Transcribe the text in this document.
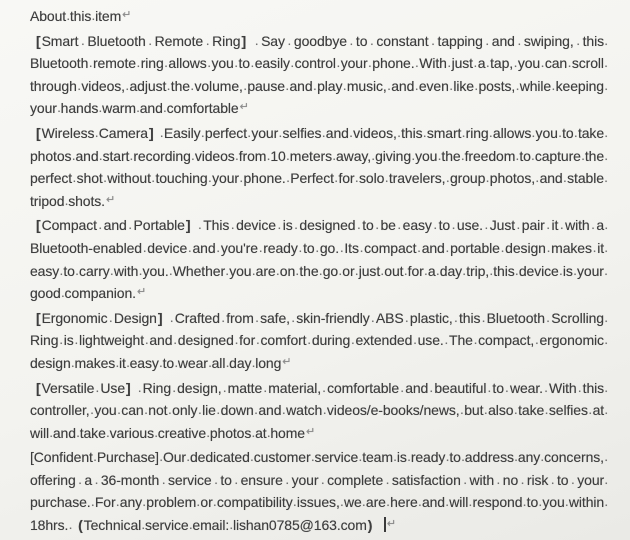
About · this · item↵

[Smart · Bluetooth · Remote · Ring] · Say · goodbye · to · constant · tapping · and · swiping, · this ·
Bluetooth · remote · ring · allows · you · to · easily · control · your · phone. · With · just · a · tap, · you · can · scroll ·
through · videos, · adjust · the · volume, · pause · and · play · music, · and · even · like · posts, · while · keeping ·
your · hands · warm · and · comfortable↵

[Wireless · Camera] · Easily · perfect · your · selfies · and · videos, · this · smart · ring · allows · you · to · take ·
photos · and · start · recording · videos · from · 10 · meters · away, · giving · you · the · freedom · to · capture · the ·
perfect · shot · without · touching · your · phone. · Perfect · for · solo · travelers, · group · photos, · and · stable ·
tripod · shots.↵

[Compact · and · Portable] · This · device · is · designed · to · be · easy · to · use. · Just · pair · it · with · a ·
Bluetooth-enabled · device · and · you're · ready · to · go. · Its · compact · and · portable · design · makes · it ·
easy · to · carry · with · you. · Whether · you · are · on · the · go · or · just · out · for · a · day · trip, · this · device · is · your ·
good · companion.↵

[Ergonomic · Design] · Crafted · from · safe, · skin-friendly · ABS · plastic, · this · Bluetooth · Scrolling ·
Ring · is · lightweight · and · designed · for · comfort · during · extended · use. · The · compact, · ergonomic ·
design · makes · it · easy · to · wear · all · day · long↵

[Versatile · Use] · Ring · design, · matte · material, · comfortable · and · beautiful · to · wear. · With · this ·
controller, · you · can · not · only · lie · down · and · watch · videos/e-books/news, · but · also · take · selfies · at ·
will · and · take · various · creative · photos · at · home↵

[Confident · Purchase] · Our · dedicated · customer · service · team · is · ready · to · address · any · concerns, ·
offering · a · 36-month · service · to · ensure · your · complete · satisfaction · with · no · risk · to · your ·
purchase. · For · any · problem · or · compatibility · issues, · we · are · here · and · will · respond · to · you · within ·
18hrs. · (Technical · service · email: · lishan0785@163.com) ↵
